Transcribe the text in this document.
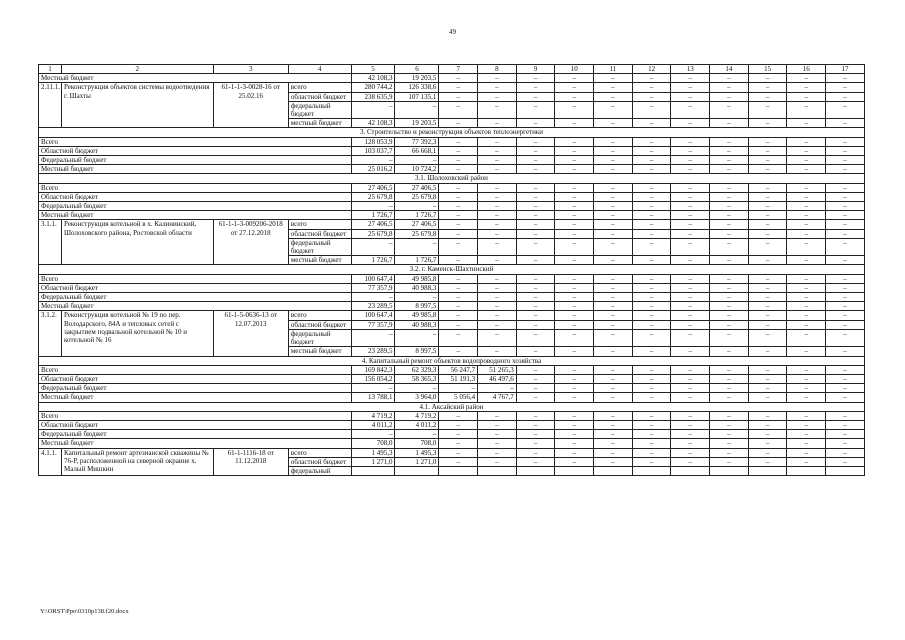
49
1	2	3	4	5	6	7	8	9	10	11	12	13	14	15	16	17
Местный бюджет				42 108,3	19 203,5	–	–	–	–	–	–	–	–	–	–	–
2.11.1.	Реконструкция объектов системы водоотведения г. Шахты	61-1-1-3-0028-16 от 25.02.16	всего	280 744,2	126 338,6	–	–	–	–	–	–	–	–	–	–	–
			областной бюджет	238 635,9	107 135,1	–	–	–	–	–	–	–	–	–	–	–
			федеральный бюджет	–	–	–	–	–	–	–	–	–	–	–	–	–
			местный бюджет	42 108,3	19 203,5	–	–	–	–	–	–	–	–	–	–	–
3. Строительство и реконструкция объектов теплоэнергетики																
Всего				128 053,9	77 392,3	–	–	–	–	–	–	–	–	–	–	–
Областной бюджет				103 037,7	66 668,1	–	–	–	–	–	–	–	–	–	–	–
Федеральный бюджет				–	–	–	–	–	–	–	–	–	–	–	–	–
Местный бюджет				25 016,2	10 724,2	–	–	–	–	–	–	–	–	–	–	–
3.1. Шолоховский район																
Всего				27 406,5	27 406,5	–	–	–	–	–	–	–	–	–	–	–
Областной бюджет				25 679,8	25 679,8	–	–	–	–	–	–	–	–	–	–	–
Федеральный бюджет				–	–	–	–	–	–	–	–	–	–	–	–	–
Местный бюджет				1 726,7	1 726,7	–	–	–	–	–	–	–	–	–	–	–
3.1.1.	Реконструкция котельной в х. Калининский, Шолоховского района, Ростовской области	61-1-1-3-009206-2018 от 27.12.2018	всего	27 406,5	27 406,5	–	–	–	–	–	–	–	–	–	–	–
			областной бюджет	25 679,8	25 679,8	–	–	–	–	–	–	–	–	–	–	–
			федеральный бюджет	–	–	–	–	–	–	–	–	–	–	–	–	–
			местный бюджет	1 726,7	1 726,7	–	–	–	–	–	–	–	–	–	–	–
3.2. г. Каменск-Шахтинский																
Всего				100 647,4	49 985,8	–	–	–	–	–	–	–	–	–	–	–
Областной бюджет				77 357,9	40 988,3	–	–	–	–	–	–	–	–	–	–	–
Федеральный бюджет				–	–	–	–	–	–	–	–	–	–	–	–	–
Местный бюджет				23 289,5	8 997,5	–	–	–	–	–	–	–	–	–	–	–
3.1.2.	Реконструкция котельной № 19 по пер. Володарского, 84А и тепловых сетей с закрытием подвальной котельной № 10 и котельной № 16	61-1-5-0636-13 от 12.07.2013	всего	100 647,4	49 985,8	–	–	–	–	–	–	–	–	–	–	–
			областной бюджет	77 357,9	40 988,3	–	–	–	–	–	–	–	–	–	–	–
			федеральный бюджет	–	–	–	–	–	–	–	–	–	–	–	–	–
			местный бюджет	23 289,5	8 997,5	–	–	–	–	–	–	–	–	–	–	–
4. Капитальный ремонт объектов водопроводного хозяйства																
Всего				169 842,3	62 329,3	56 247,7	51 265,3	–	–	–	–	–	–	–	–	–
Областной бюджет				156 054,2	58 365,3	51 191,3	46 497,6	–	–	–	–	–	–	–	–	–
Федеральный бюджет				–	–	–	–	–	–	–	–	–	–	–	–	–
Местный бюджет				13 788,1	3 964,0	5 056,4	4 767,7	–	–	–	–	–	–	–	–	–
4.1. Аксайский район																
Всего				4 719,2	4 719,2	–	–	–	–	–	–	–	–	–	–	–
Областной бюджет				4 011,2	4 011,2	–	–	–	–	–	–	–	–	–	–	–
Федеральный бюджет				–	–	–	–	–	–	–	–	–	–	–	–	–
Местный бюджет				708,0	708,0	–	–	–	–	–	–	–	–	–	–	–
4.1.1.	Капитальный ремонт артезианской скважины № 76-Р, расположенной на северной окраине х. Малый Мишкин	61-1-1116-18 от 11.12.2018	всего	1 495,3	1 495,3	–	–	–	–	–	–	–	–	–	–	–
			областной бюджет	1 271,0	1 271,0	–	–	–	–	–	–	–	–	–	–	–
			федеральный													
Y:\ORST\Ppo\0310p138.f20.docx
